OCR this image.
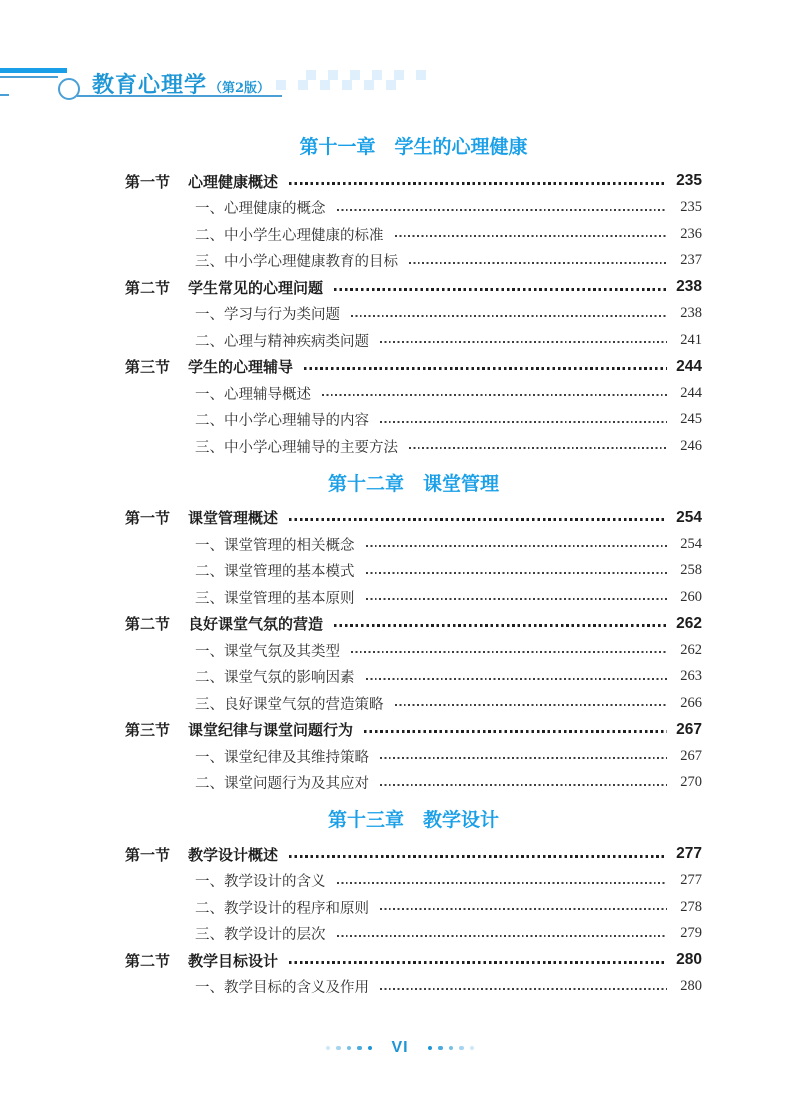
教育心理学 （第2版）
第十一章 学生的心理健康
第一节	心理健康概述	235
一、心理健康的概念	235
二、中小学生心理健康的标准	236
三、中小学心理健康教育的目标	237
第二节	学生常见的心理问题	238
一、学习与行为类问题	238
二、心理与精神疾病类问题	241
第三节	学生的心理辅导	244
一、心理辅导概述	244
二、中小学心理辅导的内容	245
三、中小学心理辅导的主要方法	246
第十二章 课堂管理
第一节	课堂管理概述	254
一、课堂管理的相关概念	254
二、课堂管理的基本模式	258
三、课堂管理的基本原则	260
第二节	良好课堂气氛的营造	262
一、课堂气氛及其类型	262
二、课堂气氛的影响因素	263
三、良好课堂气氛的营造策略	266
第三节	课堂纪律与课堂问题行为	267
一、课堂纪律及其维持策略	267
二、课堂问题行为及其应对	270
第十三章 教学设计
第一节	教学设计概述	277
一、教学设计的含义	277
二、教学设计的程序和原则	278
三、教学设计的层次	279
第二节	教学目标设计	280
一、教学目标的含义及作用	280
VI
